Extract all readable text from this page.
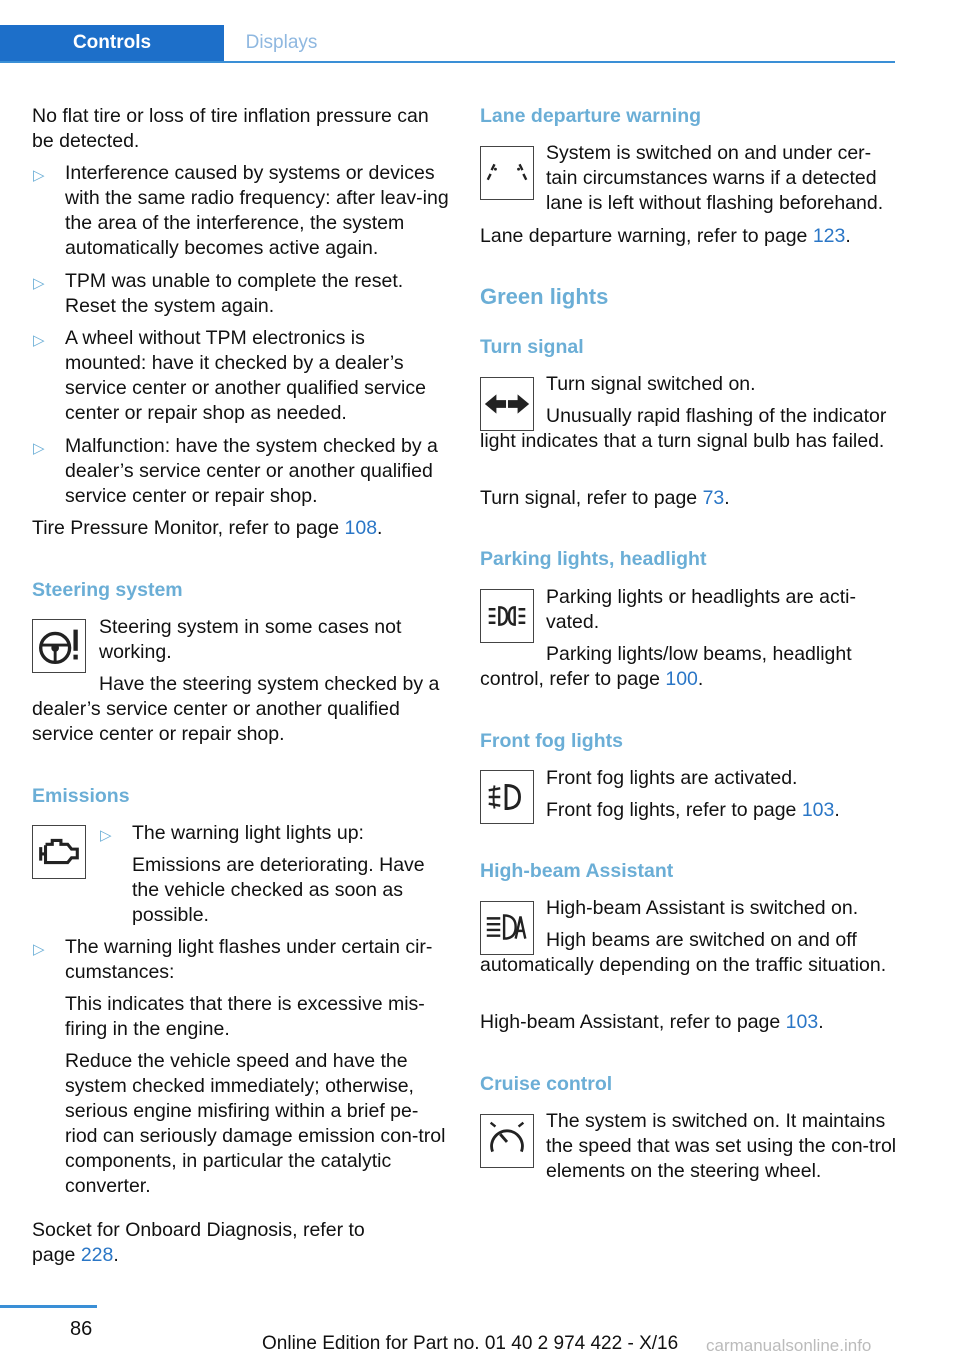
Controls	Displays
No flat tire or loss of tire inflation pressure can be detected.
▷ Interference caused by systems or devices with the same radio frequency: after leav-ing the area of the interference, the system automatically becomes active again.
▷ TPM was unable to complete the reset. Reset the system again.
▷ A wheel without TPM electronics is mounted: have it checked by a dealer’s service center or another qualified service center or repair shop as needed.
▷ Malfunction: have the system checked by a dealer’s service center or another qualified service center or repair shop.
Tire Pressure Monitor, refer to page 108.
Steering system
Steering system in some cases not working.
Have the steering system checked by a dealer’s service center or another qualified service center or repair shop.
Emissions
▷ The warning light lights up:
Emissions are deteriorating. Have the vehicle checked as soon as possible.
▷ The warning light flashes under certain cir-cumstances:
This indicates that there is excessive mis-firing in the engine.
Reduce the vehicle speed and have the system checked immediately; otherwise, serious engine misfiring within a brief pe-riod can seriously damage emission con-trol components, in particular the catalytic converter.
Socket for Onboard Diagnosis, refer to page 228.
Lane departure warning
System is switched on and under cer-tain circumstances warns if a detected lane is left without flashing beforehand.
Lane departure warning, refer to page 123.
Green lights
Turn signal
Turn signal switched on.
Unusually rapid flashing of the indicator light indicates that a turn signal bulb has failed.
Turn signal, refer to page 73.
Parking lights, headlight
Parking lights or headlights are acti-vated.
Parking lights/low beams, headlight control, refer to page 100.
Front fog lights
Front fog lights are activated.
Front fog lights, refer to page 103.
High-beam Assistant
High-beam Assistant is switched on.
High beams are switched on and off automatically depending on the traffic situation.
High-beam Assistant, refer to page 103.
Cruise control
The system is switched on. It maintains the speed that was set using the con-trol elements on the steering wheel.
86
Online Edition for Part no. 01 40 2 974 422 - X/16 carmanualsonline.info
